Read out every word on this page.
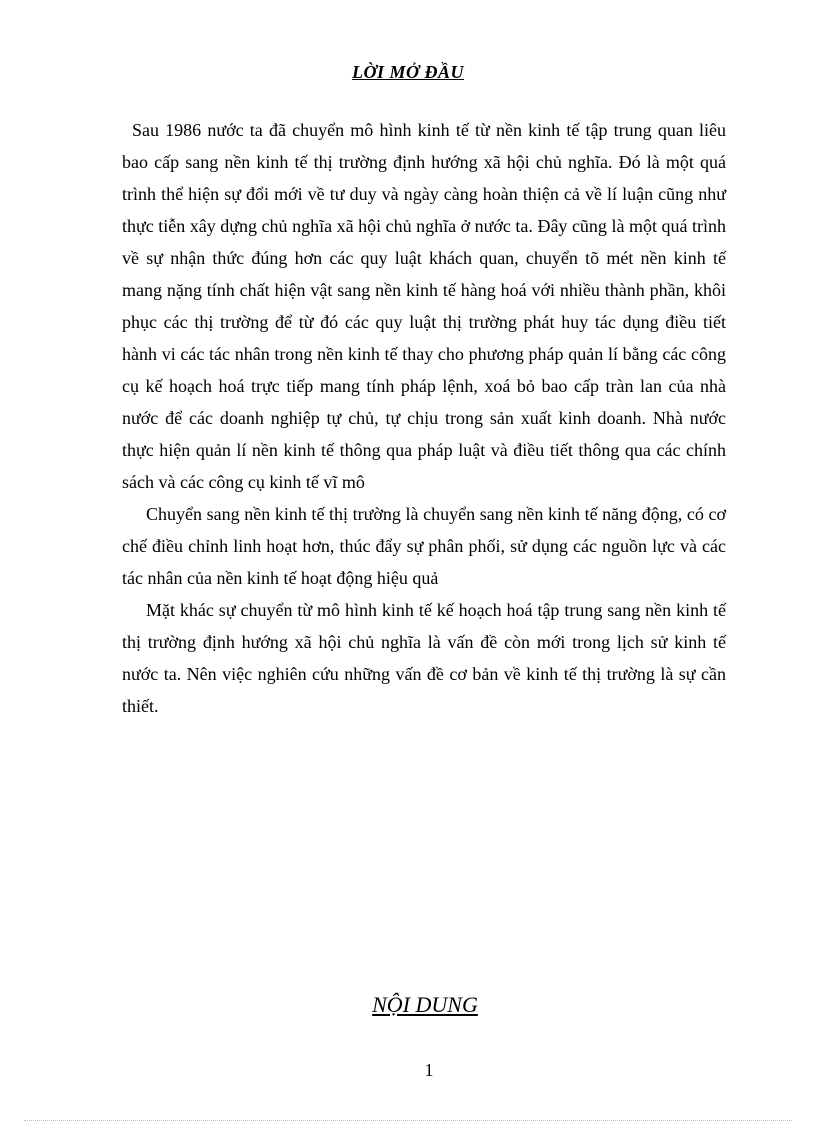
LỜI MỞ ĐẦU

Sau 1986 nước ta đã chuyển mô hình kinh tế từ nền kinh tế tập trung quan liêu bao cấp sang nền kinh tế thị trường định hướng xã hội chủ nghĩa. Đó là một quá trình thể hiện sự đổi mới về tư duy và ngày càng hoàn thiện cả về lí luận cũng như thực tiễn xây dựng chủ nghĩa xã hội chủ nghĩa ở nước ta. Đây cũng là một quá trình về sự nhận thức đúng hơn các quy luật khách quan, chuyển tõ mét nền kinh tế mang nặng tính chất hiện vật sang nền kinh tế hàng hoá với nhiều thành phần, khôi phục các thị trường để từ đó các quy luật thị trường phát huy tác dụng điều tiết hành vi các tác nhân trong nền kinh tế thay cho phương pháp quản lí bằng các công cụ kế hoạch hoá trực tiếp mang tính pháp lệnh, xoá bỏ bao cấp tràn lan của nhà nước để các doanh nghiệp tự chủ, tự chịu trong sản xuất kinh doanh. Nhà nước thực hiện quản lí nền kinh tế thông qua pháp luật và điều tiết thông qua các chính sách và các công cụ kinh tế vĩ mô

Chuyển sang nền kinh tế thị trường là chuyển sang nền kinh tế năng động, có cơ chế điều chỉnh linh hoạt hơn, thúc đẩy sự phân phối, sử dụng các nguồn lực và các tác nhân của nền kinh tế hoạt động hiệu quả

Mặt khác sự chuyển từ mô hình kinh tế kế hoạch hoá tập trung sang nền kinh tế thị trường định hướng xã hội chủ nghĩa là vấn đề còn mới trong lịch sử kinh tế nước ta. Nên việc nghiên cứu những vấn đề cơ bản về kinh tế thị trường là sự cần thiết.

NỘI DUNG
1
